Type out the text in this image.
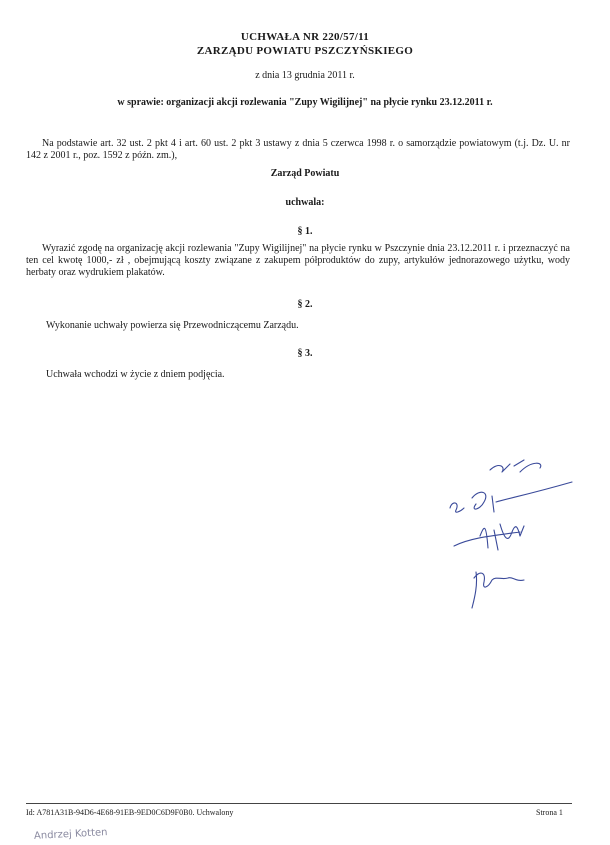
UCHWAŁA NR 220/57/11
ZARZĄDU POWIATU PSZCZYŃSKIEGO
z dnia 13 grudnia 2011 r.
w sprawie: organizacji akcji rozlewania "Zupy Wigilijnej" na płycie rynku 23.12.2011 r.
Na podstawie art. 32 ust. 2 pkt 4 i art. 60 ust. 2 pkt 3 ustawy z dnia 5 czerwca 1998 r. o samorządzie powiatowym (t.j. Dz. U. nr 142 z 2001 r., poz. 1592 z późn. zm.),
Zarząd Powiatu
uchwala:
§ 1.
Wyrazić zgodę na organizację akcji rozlewania "Zupy Wigilijnej" na płycie rynku w Pszczynie dnia 23.12.2011 r. i przeznaczyć na ten cel kwotę 1000,- zł , obejmującą koszty związane z zakupem półproduktów do zupy, artykułów jednorazowego użytku, wody herbaty oraz wydrukiem plakatów.
§ 2.
Wykonanie uchwały powierza się Przewodniczącemu Zarządu.
§ 3.
Uchwała wchodzi w życie z dniem podjęcia.
Id: A781A31B-94D6-4E68-91EB-9ED0C6D9F0B0. Uchwalony	Strona 1
Andrzej Kotten
